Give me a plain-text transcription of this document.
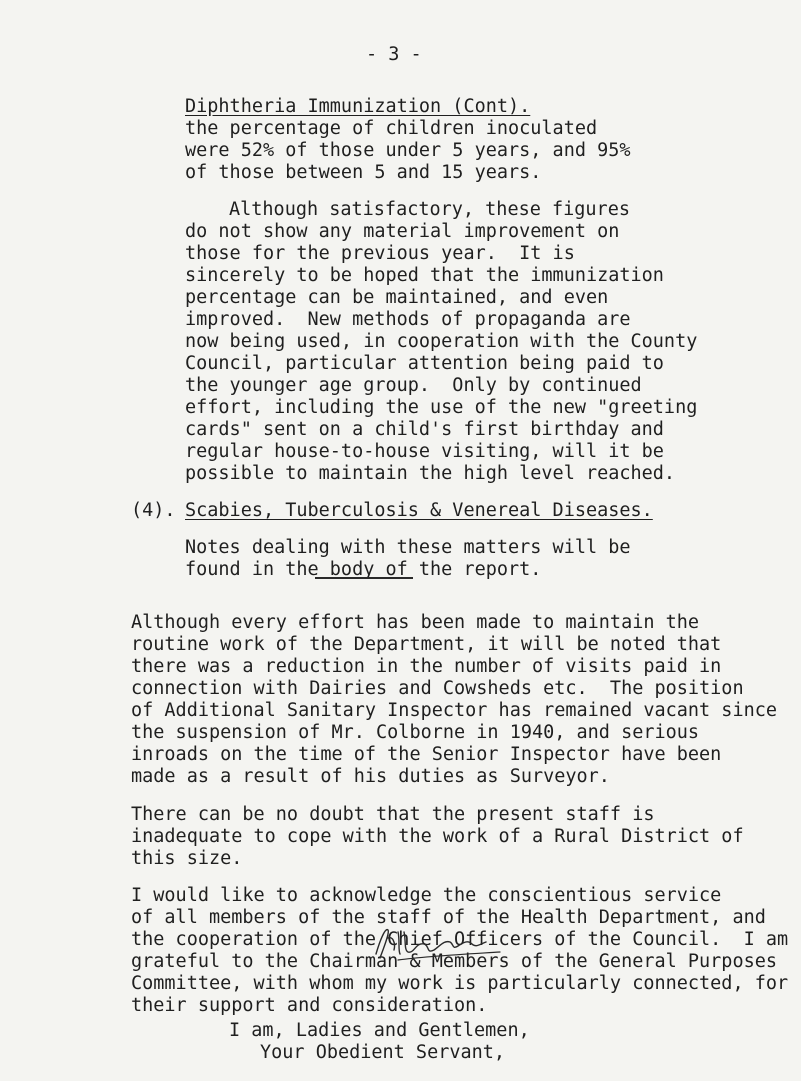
- 3 -
Diphtheria Immunization (Cont).
the percentage of children inoculated
were 52% of those under 5 years, and 95%
of those between 5 and 15 years.
Although satisfactory, these figures
do not show any material improvement on
those for the previous year.  It is
sincerely to be hoped that the immunization
percentage can be maintained, and even
improved.  New methods of propaganda are
now being used, in cooperation with the County
Council, particular attention being paid to
the younger age group.  Only by continued
effort, including the use of the new "greeting
cards" sent on a child's first birthday and
regular house-to-house visiting, will it be
possible to maintain the high level reached.
(4). Scabies, Tuberculosis & Venereal Diseases.
Notes dealing with these matters will be
found in the body of the report.
Although every effort has been made to maintain the
routine work of the Department, it will be noted that
there was a reduction in the number of visits paid in
connection with Dairies and Cowsheds etc.  The position
of Additional Sanitary Inspector has remained vacant since
the suspension of Mr. Colborne in 1940, and serious
inroads on the time of the Senior Inspector have been
made as a result of his duties as Surveyor.
There can be no doubt that the present staff is
inadequate to cope with the work of a Rural District of
this size.
I would like to acknowledge the conscientious service
of all members of the staff of the Health Department, and
the cooperation of the Chief Officers of the Council.  I am
grateful to the Chairman & Members of the General Purposes
Committee, with whom my work is particularly connected, for
their support and consideration.
I am, Ladies and Gentlemen,
Your Obedient Servant,
